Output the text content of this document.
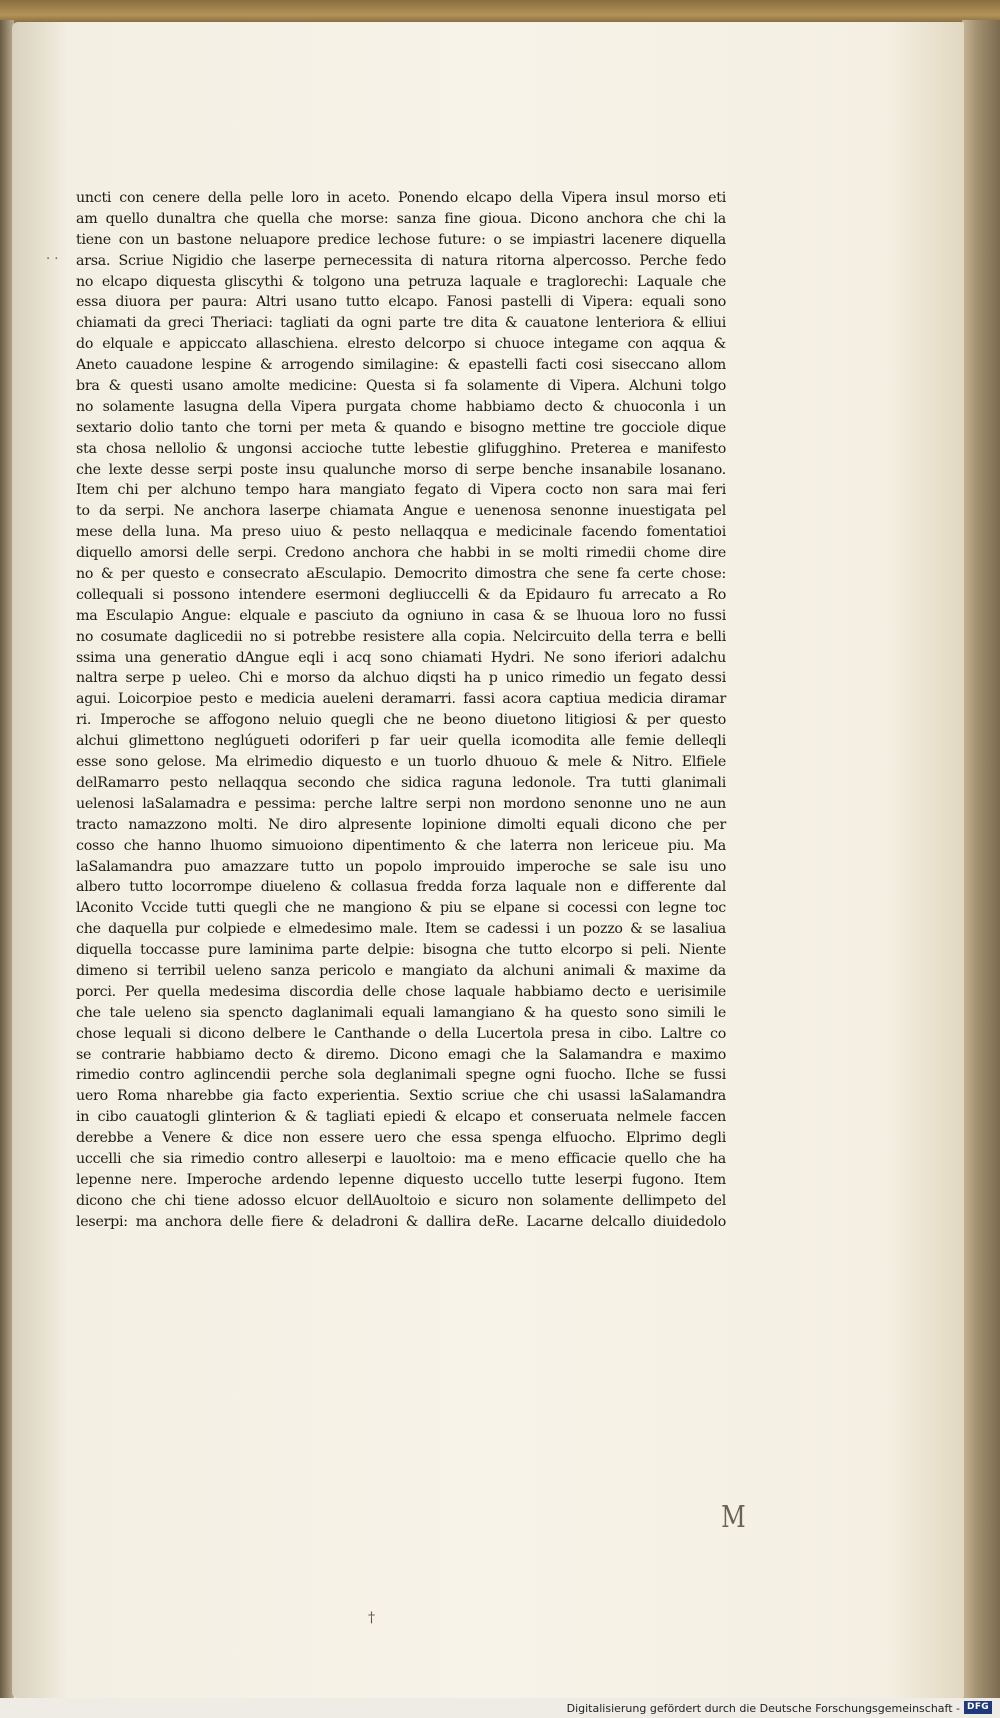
. .
uncti con cenere della pelle loro in aceto. Ponendo elcapo della Vipera insul morso eti
am quello dunaltra che quella che morse: sanza fine gioua. Dicono anchora che chi la
tiene con un bastone neluapore predice lechose future: o se impiastri lacenere diquella
arsa. Scriue Nigidio che laserpe pernecessita di natura ritorna alpercosso. Perche fedo
no elcapo diquesta gliscythi & tolgono una petruza laquale e traglorechi: Laquale che
essa diuora per paura: Altri usano tutto elcapo. Fanosi pastelli di Vipera: equali sono
chiamati da greci Theriaci: tagliati da ogni parte tre dita & cauatone lenteriora & elliui
do elquale e appiccato allaschiena. elresto delcorpo si chuoce integame con aqqua &
Aneto cauadone lespine & arrogendo similagine: & epastelli facti cosi siseccano allom
bra & questi usano amolte medicine: Questa si fa solamente di Vipera. Alchuni tolgo
no solamente lasugna della Vipera purgata chome habbiamo decto & chuoconla i un
sextario dolio tanto che torni per meta & quando e bisogno mettine tre gocciole dique
sta chosa nellolio & ungonsi accioche tutte lebestie glifugghino. Preterea e manifesto
che lexte desse serpi poste insu qualunche morso di serpe benche insanabile losanano.
Item chi per alchuno tempo hara mangiato fegato di Vipera cocto non sara mai feri
to da serpi. Ne anchora laserpe chiamata Angue e uenenosa senonne inuestigata pel
mese della luna. Ma preso uiuo & pesto nellaqqua e medicinale facendo fomentatioi
diquello amorsi delle serpi. Credono anchora che habbi in se molti rimedii chome dire
no & per questo e consecrato aEsculapio. Democrito dimostra che sene fa certe chose:
collequali si possono intendere esermoni degliuccelli & da Epidauro fu arrecato a Ro
ma Esculapio Angue: elquale e pasciuto da ogniuno in casa & se lhuoua loro no fussi
no cosumate daglicedii no si potrebbe resistere alla copia. Nelcircuito della terra e belli
ssima una generatio dAngue eqli i acq sono chiamati Hydri. Ne sono iferiori adalchu
naltra serpe p ueleo. Chi e morso da alchuo diqsti ha p unico rimedio un fegato dessi
agui. Loicorpioe pesto e medicia aueleni deramarri. fassi acora captiua medicia diramar
ri. Imperoche se affogono neluio quegli che ne beono diuetono litigiosi & per questo
alchui glimettono neglúgueti odoriferi p far ueir quella icomodita alle femie delleqli
esse sono gelose. Ma elrimedio diquesto e un tuorlo dhuouo & mele & Nitro. Elfiele
delRamarro pesto nellaqqua secondo che sidica raguna ledonole. Tra tutti glanimali
uelenosi laSalamadra e pessima: perche laltre serpi non mordono senonne uno ne aun
tracto namazzono molti. Ne diro alpresente lopinione dimolti equali dicono che per
cosso che hanno lhuomo simuoiono dipentimento & che laterra non lericeue piu. Ma
laSalamandra puo amazzare tutto un popolo improuido imperoche se sale isu uno
albero tutto locorrompe diueleno & collasua fredda forza laquale non e differente dal
lAconito Vccide tutti quegli che ne mangiono & piu se elpane si cocessi con legne toc
che daquella pur colpiede e elmedesimo male. Item se cadessi i un pozzo & se lasaliua
diquella toccasse pure laminima parte delpie: bisogna che tutto elcorpo si peli. Niente
dimeno si terribil ueleno sanza pericolo e mangiato da alchuni animali & maxime da
porci. Per quella medesima discordia delle chose laquale habbiamo decto e uerisimile
che tale ueleno sia spencto daglanimali equali lamangiano & ha questo sono simili le
chose lequali si dicono delbere le Canthande o della Lucertola presa in cibo. Laltre co
se contrarie habbiamo decto & diremo. Dicono emagi che la Salamandra e maximo
rimedio contro aglincendii perche sola deglanimali spegne ogni fuocho. Ilche se fussi
uero Roma nharebbe gia facto experientia. Sextio scriue che chi usassi laSalamandra
in cibo cauatogli glinterion & & tagliati epiedi & elcapo et conseruata nelmele faccen
derebbe a Venere & dice non essere uero che essa spenga elfuocho. Elprimo degli
uccelli che sia rimedio contro alleserpi e lauoltoio: ma e meno efficacie quello che ha
lepenne nere. Imperoche ardendo lepenne diquesto uccello tutte leserpi fugono. Item
dicono che chi tiene adosso elcuor dellAuoltoio e sicuro non solamente dellimpeto del
leserpi: ma anchora delle fiere & deladroni & dallira deRe. Lacarne delcallo diuidedolo
M
†
Digitalisierung gefördert durch die Deutsche Forschungsgemeinschaft - DFG
